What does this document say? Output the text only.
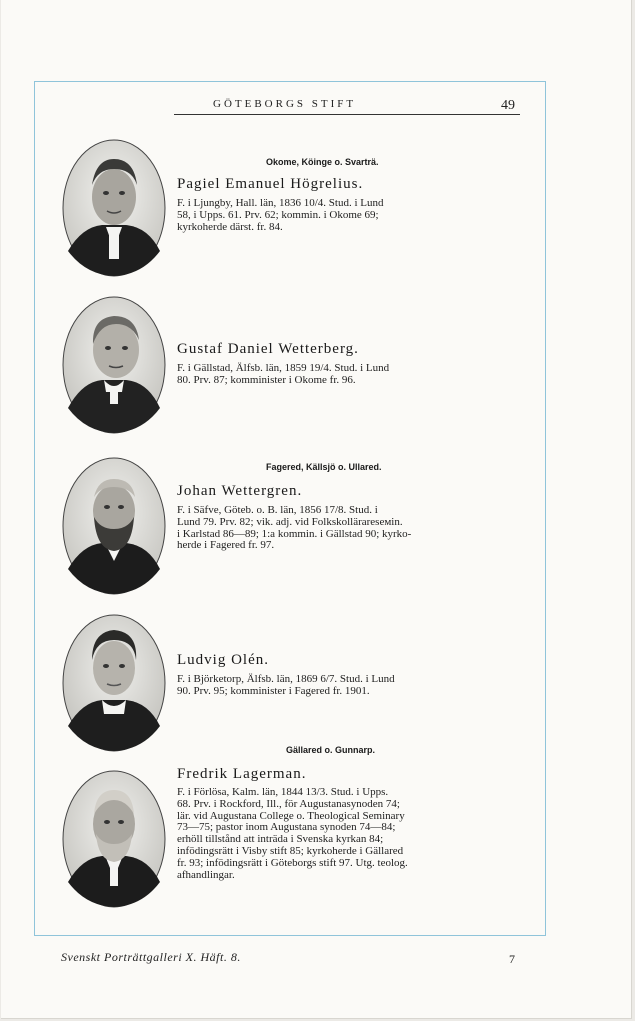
GÖTEBORGS STIFT	49
Okome, Köinge o. Svarträ.
Pagiel Emanuel Högrelius.

F. i Ljungby, Hall. län, 1836 10/4. Stud. i Lund

58, i Upps. 61. Prv. 62; kommin. i Okome 69;

kyrkoherde därst. fr. 84.

Gustaf Daniel Wetterberg.

F. i Gällstad, Älfsb. län, 1859 19/4. Stud. i Lund

80. Prv. 87; komminister i Okome fr. 96.

Fagered, Källsjö o. Ullared.
Johan Wettergren.

F. i Säfve, Göteb. o. B. län, 1856 17/8. Stud. i

Lund 79. Prv. 82; vik. adj. vid Folkskollärareseмin.

i Karlstad 86—89; 1:a kommin. i Gällstad 90; kyrko-

herde i Fagered fr. 97.

Ludvig Olén.

F. i Björketorp, Älfsb. län, 1869 6/7. Stud. i Lund

90. Prv. 95; komminister i Fagered fr. 1901.

Gällared o. Gunnarp.
Fredrik Lagerman.

F. i Förlösa, Kalm. län, 1844 13/3. Stud. i Upps.

68. Prv. i Rockford, Ill., för Augustanasynoden 74;

lär. vid Augustana College o. Theological Seminary

73—75; pastor inom Augustana synoden 74—84;

erhöll tillstånd att inträda i Svenska kyrkan 84;

infödingsrätt i Visby stift 85; kyrkoherde i Gällared

fr. 93; infödingsrätt i Göteborgs stift 97. Utg. teolog.

afhandlingar.

Svenskt Porträttgalleri X. Häft. 8.	7
